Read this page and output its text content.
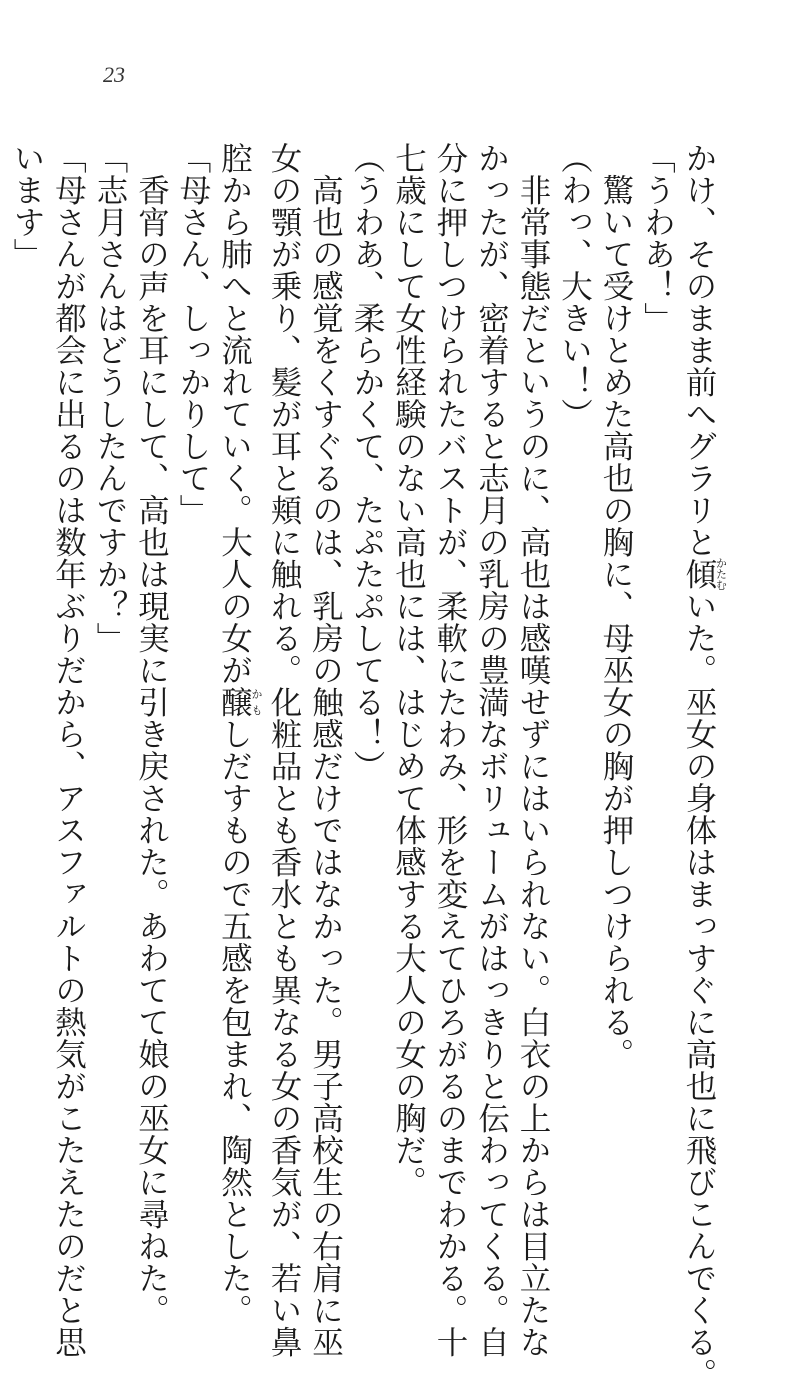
23
かけ、そのまま前へグラリと傾かたむいた。巫女の身体はまっすぐに高也に飛びこんでくる。
「うわあ！」
　驚いて受けとめた高也の胸に、母巫女の胸が押しつけられる。
（わっ、大きい！）
　非常事態だというのに、高也は感嘆せずにはいられない。白衣の上からは目立たな
かったが、密着すると志月の乳房の豊満なボリュームがはっきりと伝わってくる。自
分に押しつけられたバストが、柔軟にたわみ、形を変えてひろがるのまでわかる。十
七歳にして女性経験のない高也には、はじめて体感する大人の女の胸だ。
（うわあ、柔らかくて、たぷたぷしてる！）
　高也の感覚をくすぐるのは、乳房の触感だけではなかった。男子高校生の右肩に巫
女の顎が乗り、髪が耳と頬に触れる。化粧品とも香水とも異なる女の香気が、若い鼻
腔から肺へと流れていく。大人の女が醸かもしだすもので五感を包まれ、陶然とした。
「母さん、しっかりして」
　香宵の声を耳にして、高也は現実に引き戻された。あわてて娘の巫女に尋ねた。
「志月さんはどうしたんですか？」
「母さんが都会に出るのは数年ぶりだから、アスファルトの熱気がこたえたのだと思
います」
